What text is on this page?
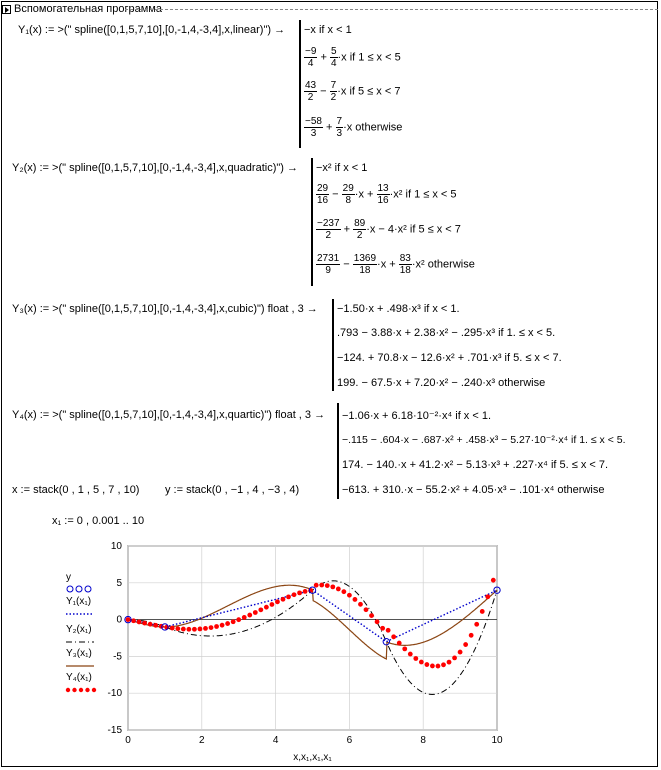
Вспомогательная программа
Y₁(x) := >(" spline([0,1,5,7,10],[0,-1,4,-3,4],x,linear)") → −x if x < 1
$\frac{-9}{4} + \frac{5}{4} \cdot x$ if 1 ≤ x < 5
$\frac{43}{2} - \frac{7}{2} \cdot x$ if 5 ≤ x < 7
$\frac{-58}{3} + \frac{7}{3} \cdot x$ otherwise
Y₂(x) := >(" spline([0,1,5,7,10],[0,-1,4,-3,4],x,quadratic)") → −x² if x < 1
$\frac{29}{16} - \frac{29}{8} \cdot x + \frac{13}{16} \cdot x^2$ if 1 ≤ x < 5
$\frac{-237}{2} + \frac{89}{2} \cdot x - 4\cdot x^2$ if 5 ≤ x < 7
$\frac{2731}{9} - \frac{1369}{18} \cdot x + \frac{83}{18} \cdot x^2$ otherwise
Y₃(x) := >(" spline([0,1,5,7,10],[0,-1,4,-3,4],x,cubic)") float , 3 → −1.50·x + .498·x³ if x < 1.
.793 − 3.88·x + 2.38·x² − .295·x³ if 1. ≤ x < 5.
−124. + 70.8·x − 12.6·x² + .701·x³ if 5. ≤ x < 7.
199. − 67.5·x + 7.20·x² − .240·x³ otherwise
Y₄(x) := >(" spline([0,1,5,7,10],[0,-1,4,-3,4],x,quartic)") float , 3 → −1.06·x + 6.18·10⁻²·x⁴ if x < 1.
−.115 − .604·x − .687·x² + .458·x³ − 5.27·10⁻²·x⁴ if 1. ≤ x < 5.
174. − 140.·x + 41.2·x² − 5.13·x³ + .227·x⁴ if 5. ≤ x < 7.
−613. + 310.·x − 55.2·x² + 4.05·x³ − .101·x⁴ otherwise
x := stack(0 , 1 , 5 , 7 , 10) y := stack(0 , −1 , 4 , −3 , 4)
x₁ := 0 , 0.001 .. 10
0	2	4	6	8	10
-15
-10
-5
0
5
10
x,x₁,x₁,x₁
y
Y₁(x₁)
Y₂(x₁)
Y₃(x₁)
Y₄(x₁)
